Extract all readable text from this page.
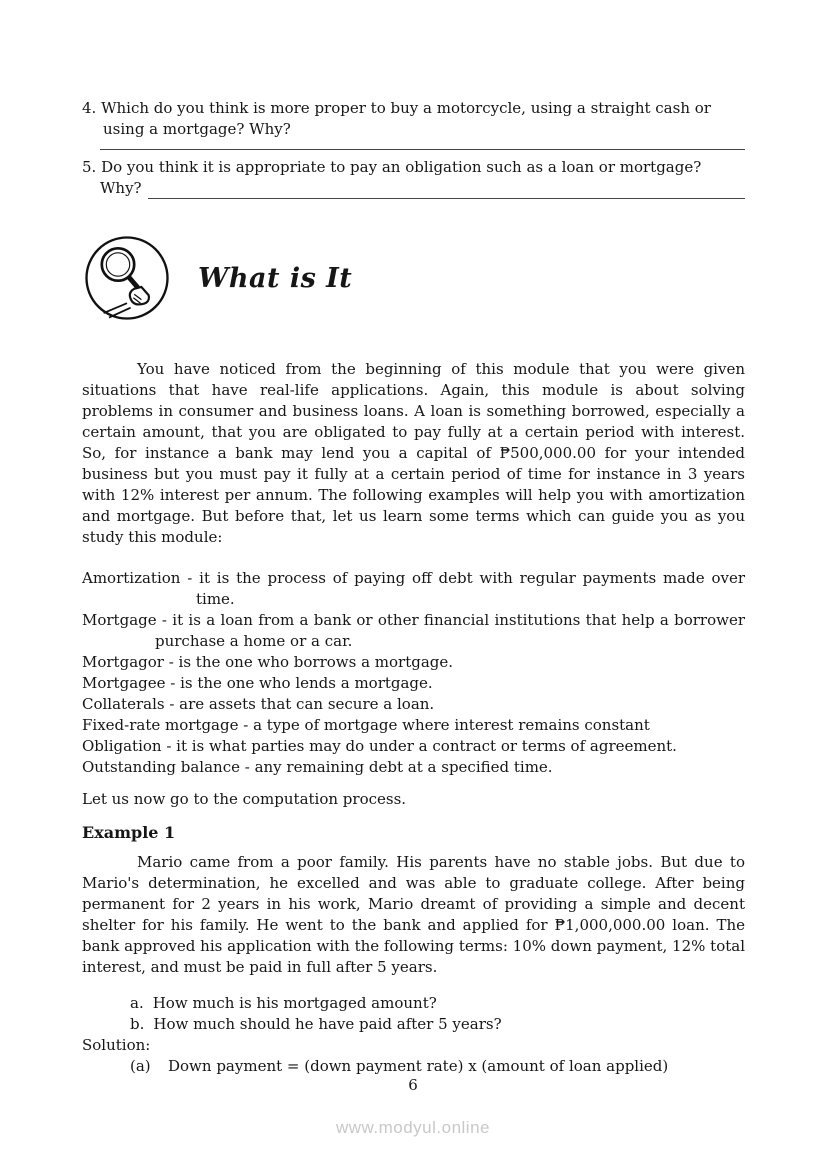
4. Which do you think is more proper to buy a motorcycle, using a straight cash or
using a mortgage? Why?
5. Do you think it is appropriate to pay an obligation such as a loan or mortgage?
Why?
What is It

You have noticed from the beginning of this module that you were given situations that have real-life applications. Again, this module is about solving problems in consumer and business loans. A loan is something borrowed, especially a certain amount, that you are obligated to pay fully at a certain period with interest. So, for instance a bank may lend you a capital of ₱500,000.00 for your intended business but you must pay it fully at a certain period of time for instance in 3 years with 12% interest per annum. The following examples will help you with amortization and mortgage. But before that, let us learn some terms which can guide you as you study this module:

Amortization - it is the process of paying off debt with regular payments made over time.
Mortgage - it is a loan from a bank or other financial institutions that help a borrower purchase a home or a car.
Mortgagor - is the one who borrows a mortgage.
Mortgagee - is the one who lends a mortgage.
Collaterals - are assets that can secure a loan.
Fixed-rate mortgage - a type of mortgage where interest remains constant
Obligation - it is what parties may do under a contract or terms of agreement.
Outstanding balance - any remaining debt at a specified time.
Let us now go to the computation process.
Example 1

Mario came from a poor family. His parents have no stable jobs. But due to Mario's determination, he excelled and was able to graduate college. After being permanent for 2 years in his work, Mario dreamt of providing a simple and decent shelter for his family. He went to the bank and applied for ₱1,000,000.00 loan. The bank approved his application with the following terms: 10% down payment, 12% total interest, and must be paid in full after 5 years.

a. How much is his mortgaged amount?
b. How much should he have paid after 5 years?
Solution:
(a) Down payment = (down payment rate) x (amount of loan applied)
6
www.modyul.online
